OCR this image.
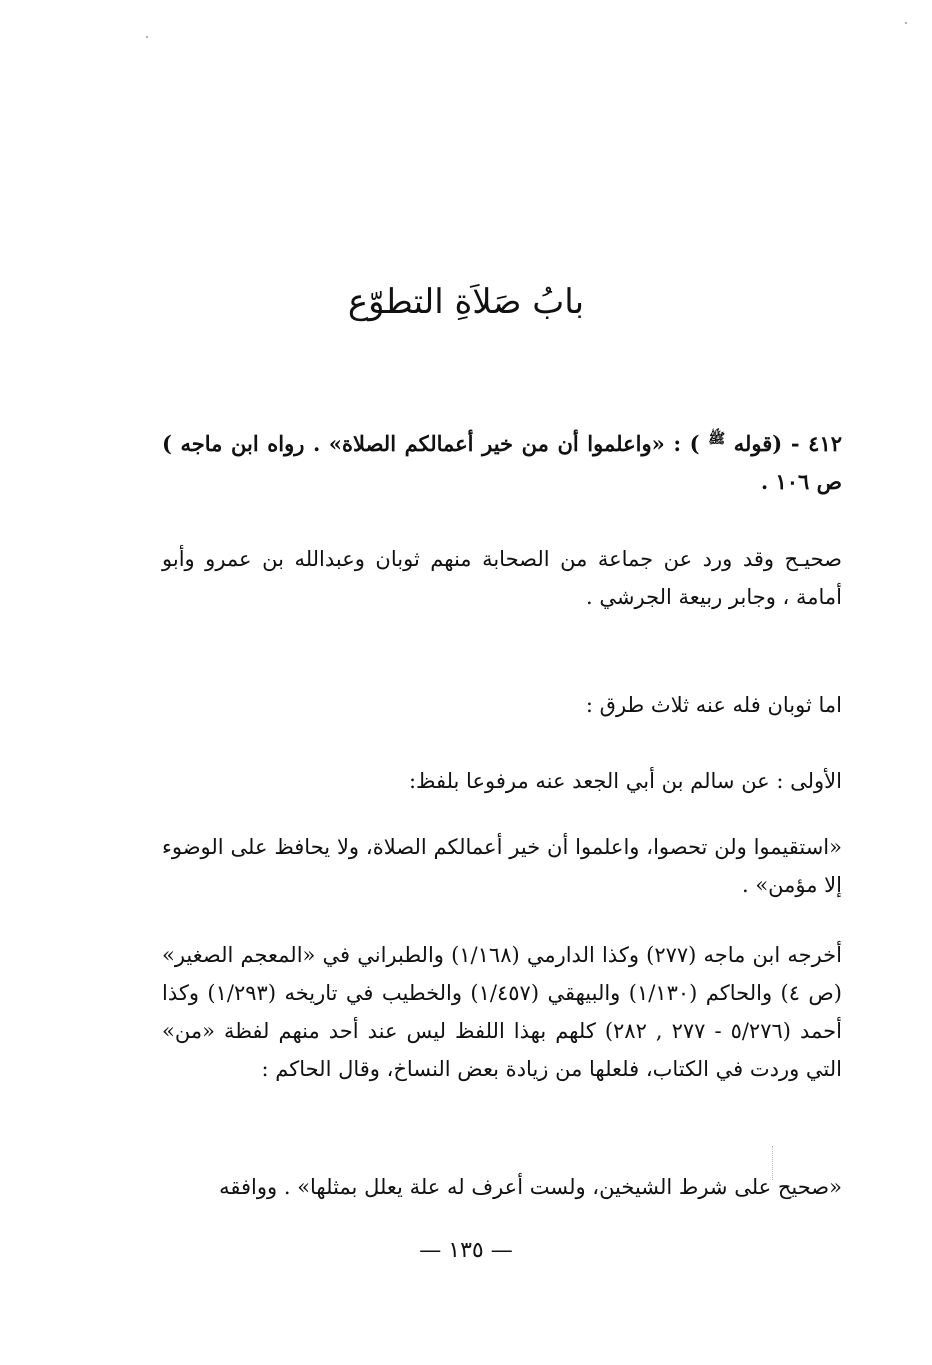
بابُ صَلاَةِ التطوّع
٤١٢ - (قوله $^ﷺ$ ) : «واعلموا أن من خير أعمالكم الصلاة» . رواه ابن ماجه ) ص ١٠٦ .
صحيـح وقد ورد عن جماعة من الصحابة منهم ثوبان وعبدالله بن عمرو وأبو أمامة ، وجابر ربيعة الجرشي .
اما ثوبان فله عنه ثلاث طرق :
الأولى : عن سالم بن أبي الجعد عنه مرفوعا بلفظ:
«استقيموا ولن تحصوا، واعلموا أن خير أعمالكم الصلاة، ولا يحافظ على الوضوء إلا مؤمن» .
أخرجه ابن ماجه (٢٧٧) وكذا الدارمي (١/١٦٨) والطبراني في «المعجم الصغير» (ص ٤) والحاكم (١/١٣٠) والبيهقي (١/٤٥٧) والخطيب في تاريخه (١/٢٩٣) وكذا أحمد (٥/٢٧٦ - ٢٧٧ , ٢٨٢) كلهم بهذا اللفظ ليس عند أحد منهم لفظة «من» التي وردت في الكتاب، فلعلها من زيادة بعض النساخ، وقال الحاكم :
«صحيح على شرط الشيخين، ولست أعرف له علة يعلل بمثلها» . ووافقه
— ١٣٥ —
